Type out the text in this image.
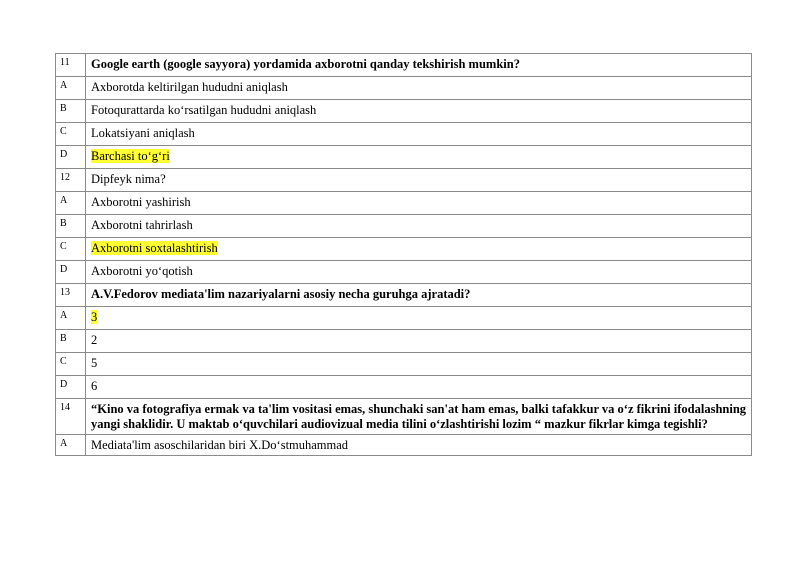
11	Google earth (google sayyora) yordamida axborotni qanday tekshirish mumkin?
A	Axborotda keltirilgan hududni aniqlash
B	Fotoqurattarda ko‘rsatilgan hududni aniqlash
C	Lokatsiyani aniqlash
D	Barchasi to‘g‘ri
12	Dipfeyk nima?
A	Axborotni yashirish
B	Axborotni tahrirlash
C	Axborotni soxtalashtirish
D	Axborotni yo‘qotish
13	A.V.Fedorov mediata'lim nazariyalarni asosiy necha guruhga ajratadi?
A	3
B	2
C	5
D	6
14	“Kino va fotografiya ermak va ta'lim vositasi emas, shunchaki san'at ham emas, balki tafakkur va o‘z fikrini ifodalashning yangi shaklidir. U maktab o‘quvchilari audiovizual media tilini o‘zlashtirishi lozim “ mazkur fikrlar kimga tegishli?
A	Mediata'lim asoschilaridan biri X.Do‘stmuhammad
